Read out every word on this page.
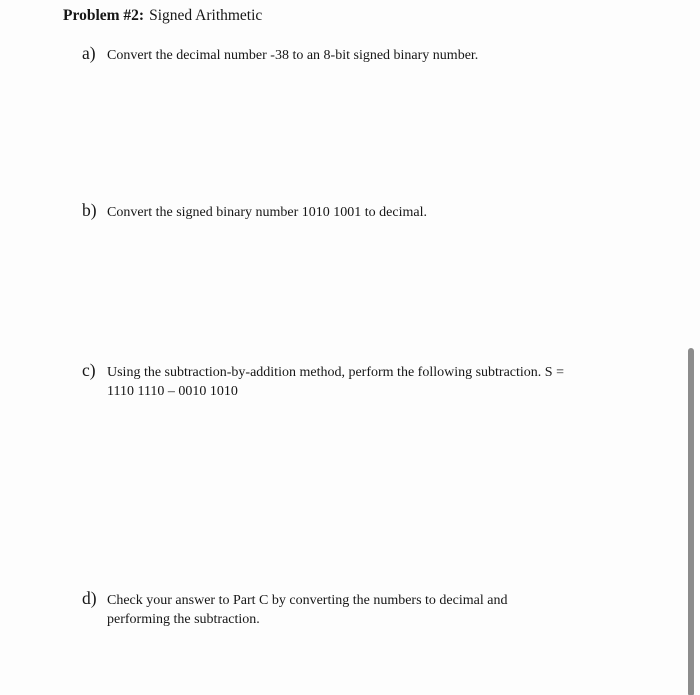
Problem #2: Signed Arithmetic
a) Convert the decimal number -38 to an 8-bit signed binary number.
b) Convert the signed binary number 1010 1001 to decimal.
c) Using the subtraction-by-addition method, perform the following subtraction. S =
1110 1110 – 0010 1010
d) Check your answer to Part C by converting the numbers to decimal and
performing the subtraction.
